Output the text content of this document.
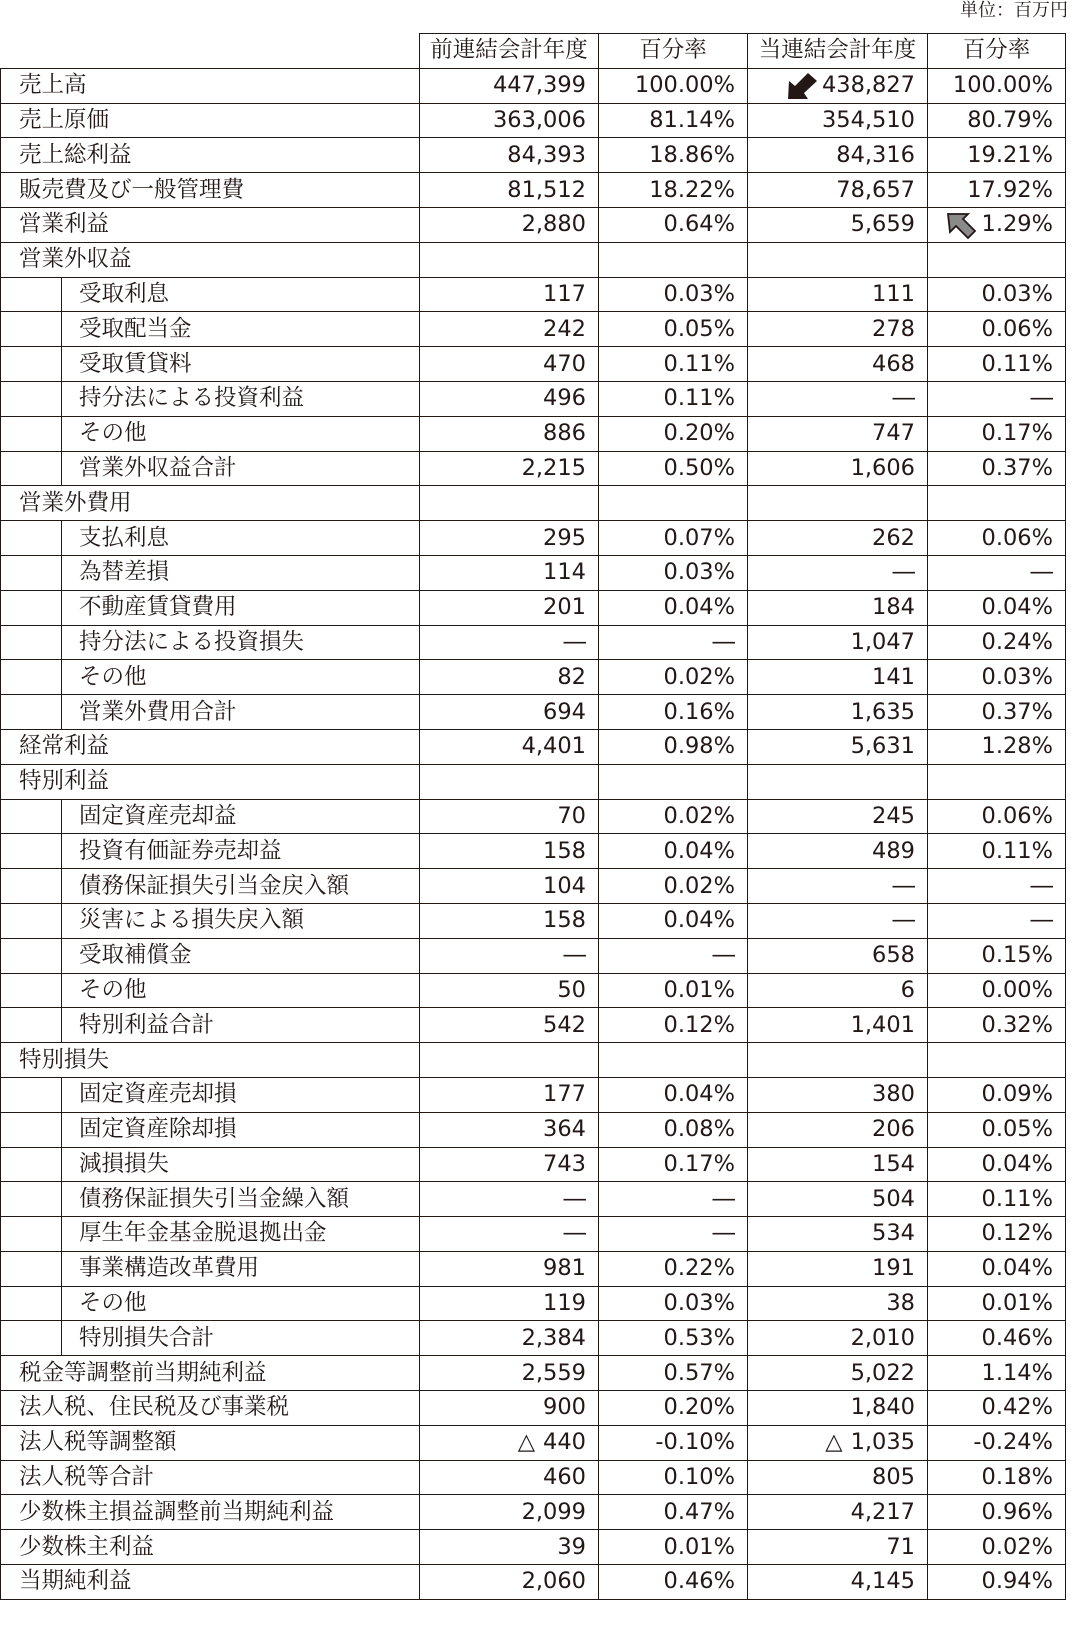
単位：百万円
	前連結会計年度	百分率	当連結会計年度	百分率
売上高	447,399	100.00%	438,827	100.00%
売上原価	363,006	81.14%	354,510	80.79%
売上総利益	84,393	18.86%	84,316	19.21%
販売費及び一般管理費	81,512	18.22%	78,657	17.92%
営業利益	2,880	0.64%	5,659	1.29%
営業外収益				
受取利息	117	0.03%	111	0.03%
受取配当金	242	0.05%	278	0.06%
受取賃貸料	470	0.11%	468	0.11%
持分法による投資利益	496	0.11%	―	―
その他	886	0.20%	747	0.17%
営業外収益合計	2,215	0.50%	1,606	0.37%
営業外費用				
支払利息	295	0.07%	262	0.06%
為替差損	114	0.03%	―	―
不動産賃貸費用	201	0.04%	184	0.04%
持分法による投資損失	―	―	1,047	0.24%
その他	82	0.02%	141	0.03%
営業外費用合計	694	0.16%	1,635	0.37%
経常利益	4,401	0.98%	5,631	1.28%
特別利益				
固定資産売却益	70	0.02%	245	0.06%
投資有価証券売却益	158	0.04%	489	0.11%
債務保証損失引当金戻入額	104	0.02%	―	―
災害による損失戻入額	158	0.04%	―	―
受取補償金	―	―	658	0.15%
その他	50	0.01%	6	0.00%
特別利益合計	542	0.12%	1,401	0.32%
特別損失				
固定資産売却損	177	0.04%	380	0.09%
固定資産除却損	364	0.08%	206	0.05%
減損損失	743	0.17%	154	0.04%
債務保証損失引当金繰入額	―	―	504	0.11%
厚生年金基金脱退拠出金	―	―	534	0.12%
事業構造改革費用	981	0.22%	191	0.04%
その他	119	0.03%	38	0.01%
特別損失合計	2,384	0.53%	2,010	0.46%
税金等調整前当期純利益	2,559	0.57%	5,022	1.14%
法人税、住民税及び事業税	900	0.20%	1,840	0.42%
法人税等調整額	△ 440	-0.10%	△ 1,035	-0.24%
法人税等合計	460	0.10%	805	0.18%
少数株主損益調整前当期純利益	2,099	0.47%	4,217	0.96%
少数株主利益	39	0.01%	71	0.02%
当期純利益	2,060	0.46%	4,145	0.94%
